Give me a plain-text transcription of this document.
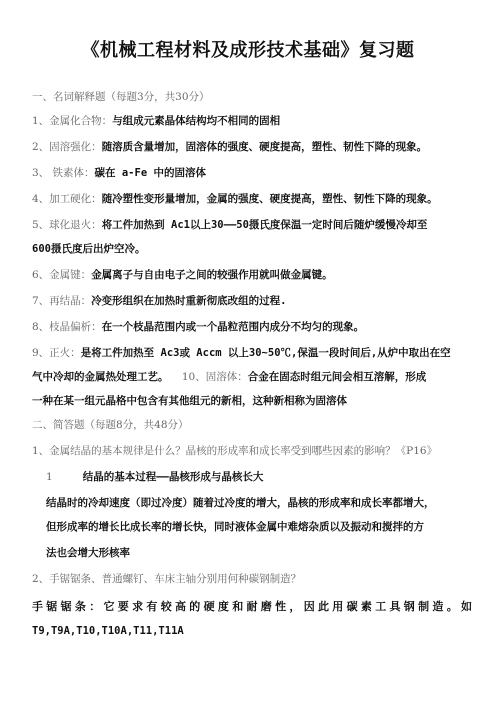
《机械工程材料及成形技术基础》复习题
一、名词解释题（每题3分，共30分）
1、金属化合物：与组成元素晶体结构均不相同的固相
2、固溶强化：随溶质含量增加，固溶体的强度、硬度提高，塑性、韧性下降的现象。
3、 铁素体：碳在 a-Fe 中的固溶体
4、加工硬化：随冷塑性变形量增加，金属的强度、硬度提高，塑性、韧性下降的现象。
5、球化退火：将工件加热到 Ac1以上30——50摄氏度保温一定时间后随炉缓慢冷却至
600摄氏度后出炉空冷。
6、金属键：金属离子与自由电子之间的较强作用就叫做金属键。
7、再结晶：冷变形组织在加热时重新彻底改组的过程.
8、枝晶偏析：在一个枝晶范围内或一个晶粒范围内成分不均匀的现象。
9、正火：是将工件加热至 Ac3或 Accm 以上30~50℃,保温一段时间后,从炉中取出在空
气中冷却的金属热处理工艺。 10、固溶体：合金在固态时组元间会相互溶解，形成
一种在某一组元晶格中包含有其他组元的新相，这种新相称为固溶体
二、简答题（每题8分，共48分）
1、金属结晶的基本规律是什么？晶核的形成率和成长率受到哪些因素的影响？《P16》
1	结晶的基本过程——晶核形成与晶核长大
结晶时的冷却速度（即过冷度）随着过冷度的增大，晶核的形成率和成长率都增大，
但形成率的增长比成长率的增长快，同时液体金属中难熔杂质以及振动和搅拌的方
法也会增大形核率
2、手锯锯条、普通螺钉、车床主轴分别用何种碳钢制造？
手锯锯条：它要求有较高的硬度和耐磨性，因此用碳素工具钢制造。如
T9,T9A,T10,T10A,T11,T11A
